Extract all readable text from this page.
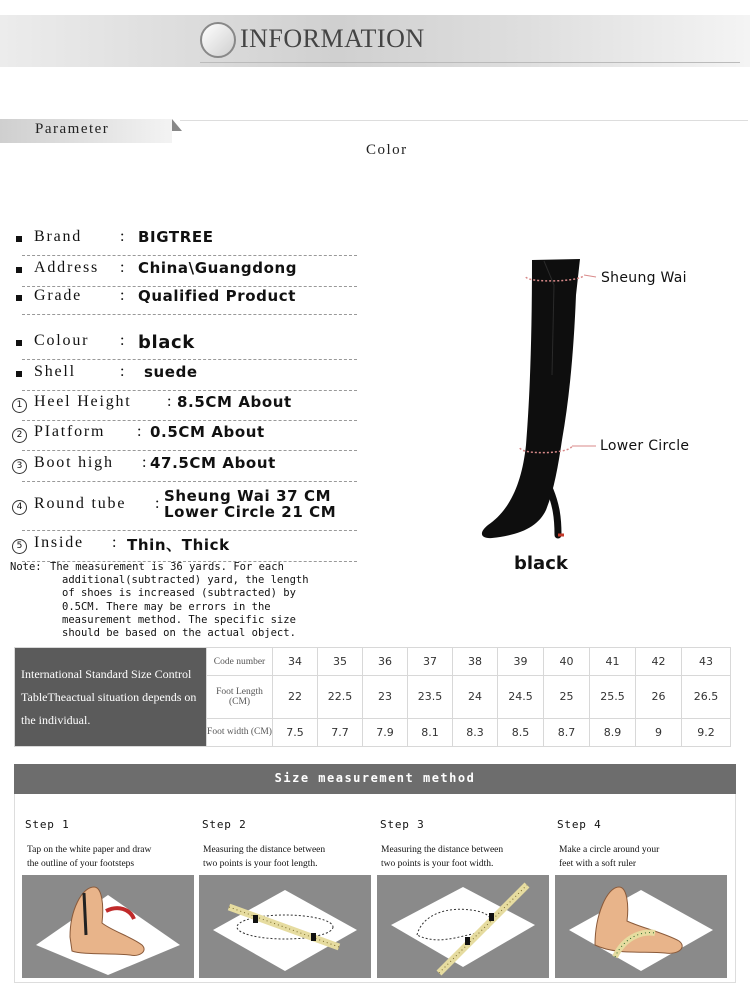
INFORMATION
Parameter
Color
Brand : BIGTREE
Address : China\Guangdong
Grade : Qualified Product
Colour : black
Shell	: suede
1 Heel Height : 8.5CM About
2 PIatform : 0.5CM About
3 Boot high : 47.5CM About
4 Round tube : Sheung Wai 37 CM
Lower Circle 21 CM
5 Inside : Thin、Thick
Note: The measurement is 36 yards. For each
additional(subtracted) yard, the length
of shoes is increased (subtracted) by
0.5CM. There may be errors in the
measurement method. The specific size
should be based on the actual object.
Sheung Wai
Lower Circle
black
International Standard Size Control TableTheactual situation depends on the individual.	Code number	34	35	36	37	38	39	40	41	42	43
	Foot Length (CM)	22	22.5	23	23.5	24	24.5	25	25.5	26	26.5
	Foot width (CM)	7.5	7.7	7.9	8.1	8.3	8.5	8.7	8.9	9	9.2
Size measurement method
Step 1	Step 2	Step 3	Step 4
Tap on the white paper and draw
the outline of your footsteps
Measuring the distance between
two points is your foot length.
Measuring the distance between
two points is your foot width.
Make a circle around your
feet with a soft ruler
